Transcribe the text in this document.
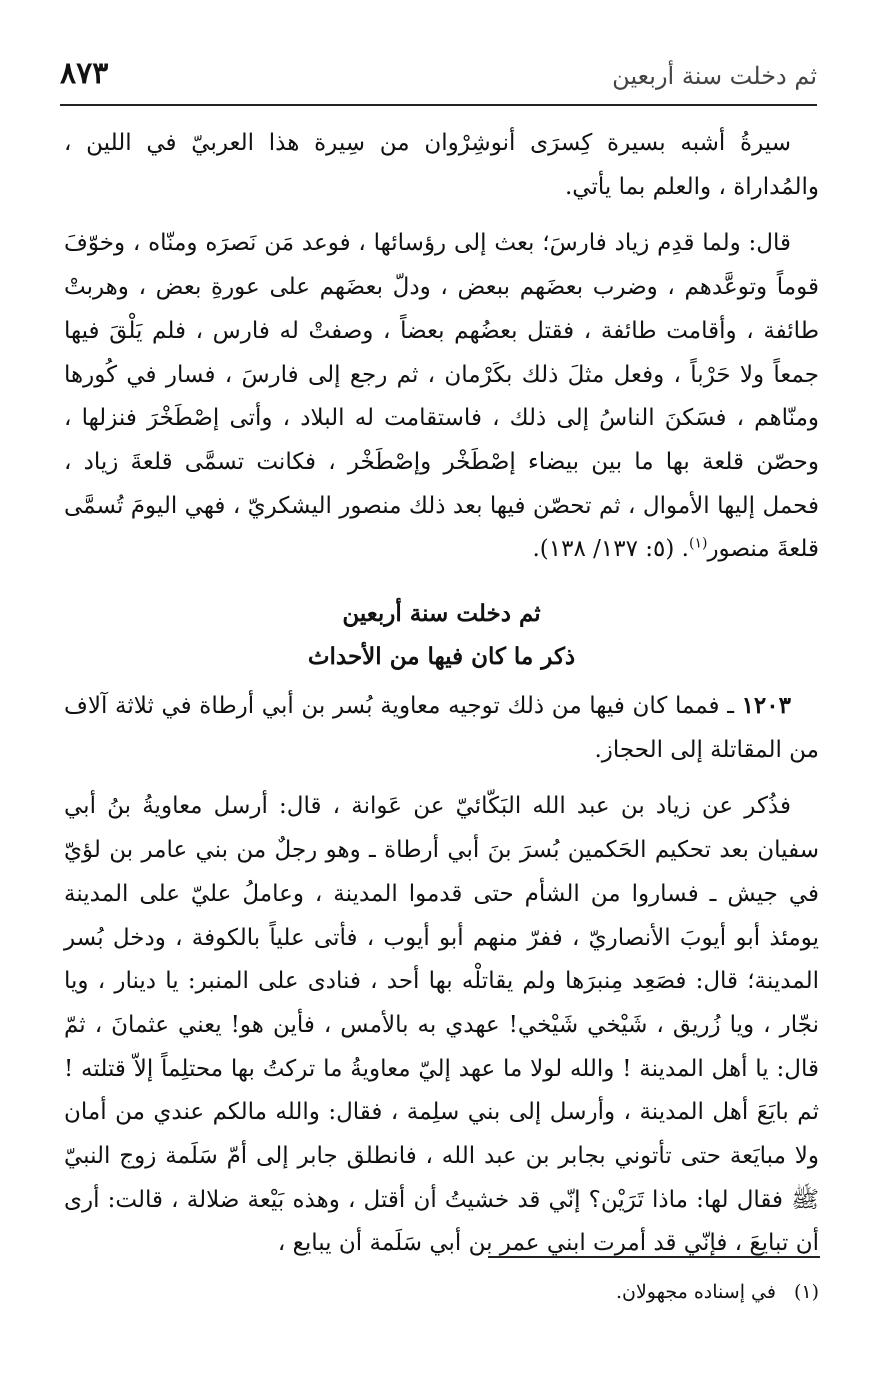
٨٧٣	ثم دخلت سنة أربعين

سيرةُ أشبه بسيرة كِسرَى أنوشِرْوان من سِيرة هذا العربيّ في اللين ، والمُداراة ، والعلم بما يأتي.

قال: ولما قدِم زياد فارسَ؛ بعث إلى رؤسائها ، فوعد مَن نَصرَه ومنّاه ، وخوّفَ قوماً وتوعَّدهم ، وضرب بعضَهم ببعض ، ودلّ بعضَهم على عورةِ بعض ، وهربتْ طائفة ، وأقامت طائفة ، فقتل بعضُهم بعضاً ، وصفتْ له فارس ، فلم يَلْقَ فيها جمعاً ولا حَرْباً ، وفعل مثلَ ذلك بكَرْمان ، ثم رجع إلى فارسَ ، فسار في كُورها ومنّاهم ، فسَكنَ الناسُ إلى ذلك ، فاستقامت له البلاد ، وأتى إصْطَخْرَ فنزلها ، وحصّن قلعة بها ما بين بيضاء إصْطَخْر وإصْطَخْر ، فكانت تسمَّى قلعةَ زياد ، فحمل إليها الأموال ، ثم تحصّن فيها بعد ذلك منصور اليشكريّ ، فهي اليومَ تُسمَّى قلعةَ منصور$^{(١)}$. (٥: ١٣٧/ ١٣٨).

ثم دخلت سنة أربعين

ذكر ما كان فيها من الأحداث

١٢٠٣ ـ فمما كان فيها من ذلك توجيه معاوية بُسر بن أبي أرطاة في ثلاثة آلاف من المقاتلة إلى الحجاز.

فذُكر عن زياد بن عبد الله البَكّائيّ عن عَوانة ، قال: أرسل معاويةُ بنُ أبي سفيان بعد تحكيم الحَكمين بُسرَ بنَ أبي أرطاة ـ وهو رجلٌ من بني عامر بن لؤيّ في جيش ـ فساروا من الشأم حتى قدموا المدينة ، وعاملُ عليّ على المدينة يومئذ أبو أيوبَ الأنصاريّ ، ففرّ منهم أبو أيوب ، فأتى علياً بالكوفة ، ودخل بُسر المدينة؛ قال: فصَعِد مِنبرَها ولم يقاتلْه بها أحد ، فنادى على المنبر: يا دينار ، ويا نجّار ، ويا زُريق ، شَيْخي شَيْخي! عهدي به بالأمس ، فأين هو! يعني عثمانَ ، ثمّ قال: يا أهل المدينة ! والله لولا ما عهد إليّ معاويةُ ما تركتُ بها محتلِماً إلاّ قتلته ! ثم بايَعَ أهل المدينة ، وأرسل إلى بني سلِمة ، فقال: والله مالكم عندي من أمان ولا مبايَعة حتى تأتوني بجابر بن عبد الله ، فانطلق جابر إلى أمّ سَلَمة زوج النبيّ ﷺ فقال لها: ماذا تَرَيْن؟ إنّي قد خشيتُ أن أقتل ، وهذه بَيْعة ضلالة ، قالت: أرى أن تبايعَ ، فإنّي قد أمرت ابني عمر بن أبي سَلَمة أن يبايع ،

(١)في إسناده مجهولان.
